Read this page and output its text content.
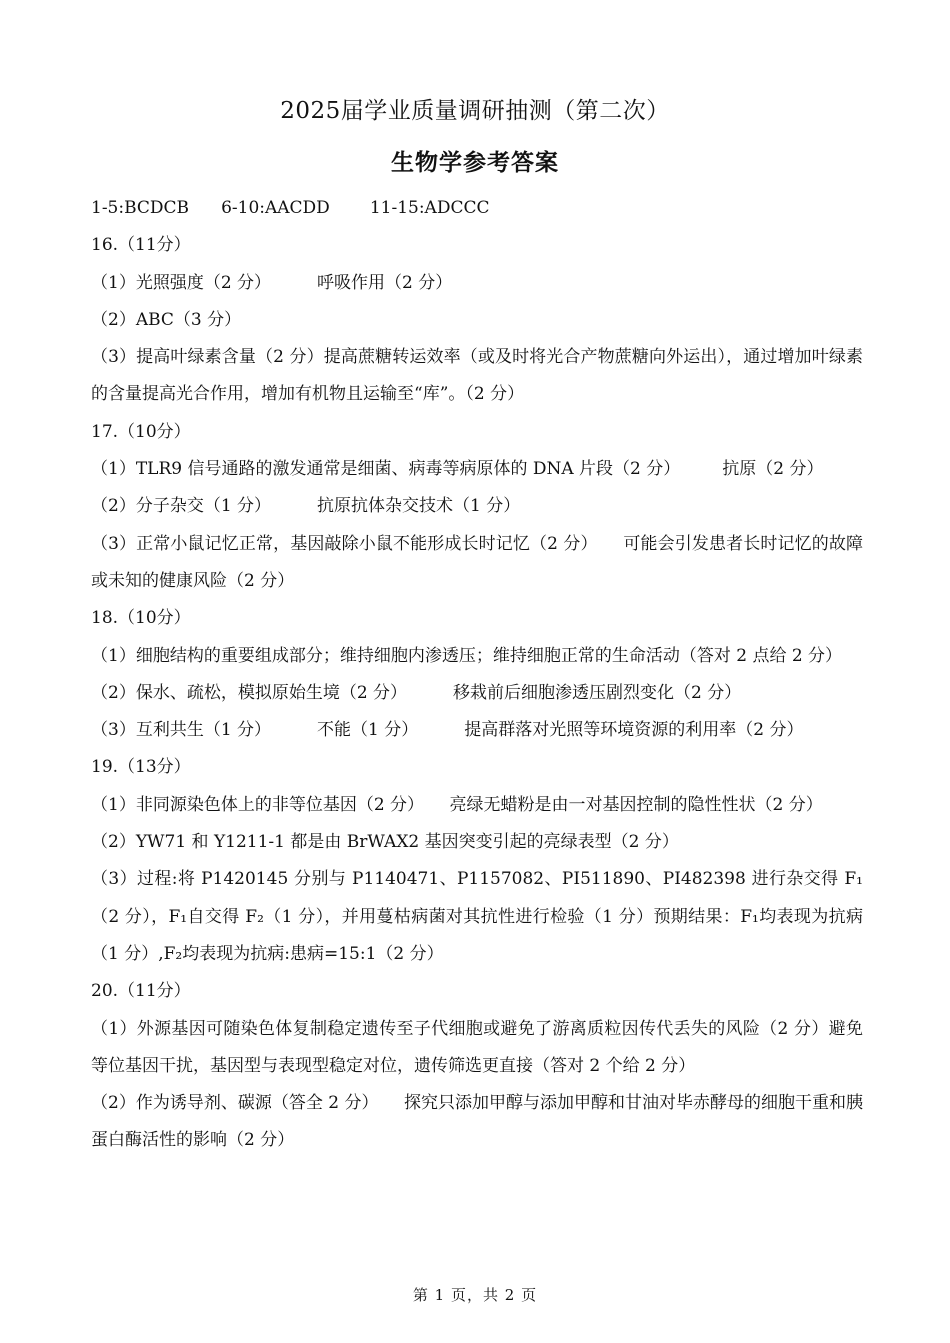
2025届学业质量调研抽测（第二次）
生物学参考答案

1-5:BCDCB 6-10:AACDD 11-15:ADCCC

16.（11分）

（1）光照强度（2 分）	呼吸作用（2 分）

（2）ABC（3 分）

（3）提高叶绿素含量（2 分）提高蔗糖转运效率（或及时将光合产物蔗糖向外运出），通过增加叶绿素的含量提高光合作用，增加有机物且运输至“库”。（2 分）

17.（10分）

（1）TLR9 信号通路的激发通常是细菌、病毒等病原体的 DNA 片段（2 分） 抗原（2 分）

（2）分子杂交（1 分）	抗原抗体杂交技术（1 分）

（3）正常小鼠记忆正常，基因敲除小鼠不能形成长时记忆（2 分）　　可能会引发患者长时记忆的故障或未知的健康风险（2 分）

18.（10分）

（1）细胞结构的重要组成部分；维持细胞内渗透压；维持细胞正常的生命活动（答对 2 点给 2 分）

（2）保水、疏松，模拟原始生境（2 分）	移栽前后细胞渗透压剧烈变化（2 分）

（3）互利共生（1 分）	不能（1 分）	提高群落对光照等环境资源的利用率（2 分）

19.（13分）

（1）非同源染色体上的非等位基因（2 分）　　亮绿无蜡粉是由一对基因控制的隐性性状（2 分）

（2）YW71 和 Y1211-1 都是由 BrWAX2 基因突变引起的亮绿表型（2 分）

（3）过程:将 P1420145 分别与 P1140471、P1157082、PI511890、PI482398 进行杂交得 F₁（2 分），F₁自交得 F₂（1 分），并用蔓枯病菌对其抗性进行检验（1 分）预期结果：F₁均表现为抗病（1 分）,F₂均表现为抗病:患病=15:1（2 分）

20.（11分）

（1）外源基因可随染色体复制稳定遗传至子代细胞或避免了游离质粒因传代丢失的风险（2 分）避免等位基因干扰，基因型与表现型稳定对位，遗传筛选更直接（答对 2 个给 2 分）

（2）作为诱导剂、碳源（答全 2 分）　　探究只添加甲醇与添加甲醇和甘油对毕赤酵母的细胞干重和胰蛋白酶活性的影响（2 分）

第 1 页，共 2 页
